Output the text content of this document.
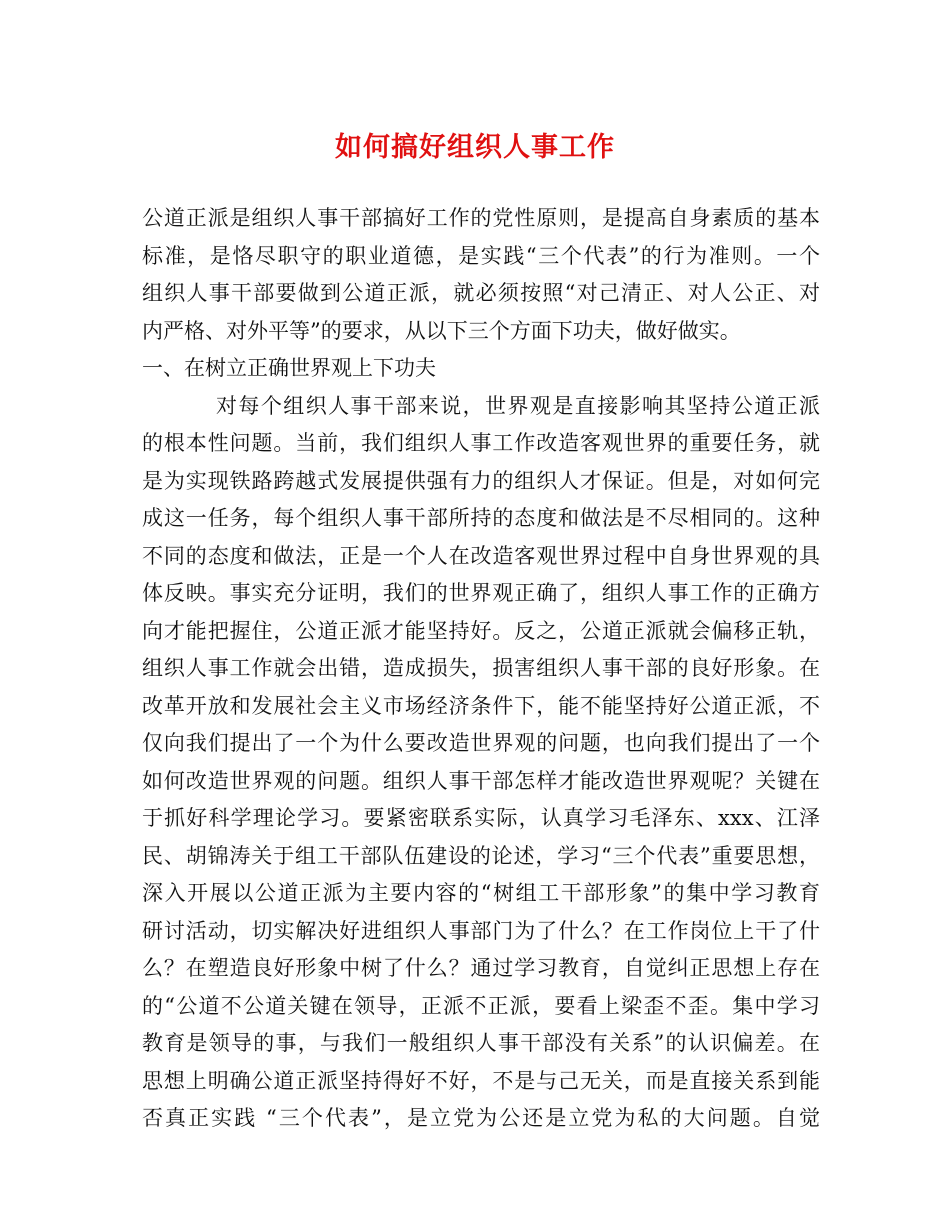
如何搞好组织人事工作
公道正派是组织人事干部搞好工作的党性原则，是提高自身素质的基本
标准，是恪尽职守的职业道德，是实践“三个代表”的行为准则。一个
组织人事干部要做到公道正派，就必须按照“对己清正、对人公正、对
内严格、对外平等”的要求，从以下三个方面下功夫，做好做实。
一、在树立正确世界观上下功夫
对每个组织人事干部来说，世界观是直接影响其坚持公道正派
的根本性问题。当前，我们组织人事工作改造客观世界的重要任务，就
是为实现铁路跨越式发展提供强有力的组织人才保证。但是，对如何完
成这一任务，每个组织人事干部所持的态度和做法是不尽相同的。这种
不同的态度和做法，正是一个人在改造客观世界过程中自身世界观的具
体反映。事实充分证明，我们的世界观正确了，组织人事工作的正确方
向才能把握住，公道正派才能坚持好。反之，公道正派就会偏移正轨，
组织人事工作就会出错，造成损失，损害组织人事干部的良好形象。在
改革开放和发展社会主义市场经济条件下，能不能坚持好公道正派，不
仅向我们提出了一个为什么要改造世界观的问题，也向我们提出了一个
如何改造世界观的问题。组织人事干部怎样才能改造世界观呢？关键在
于抓好科学理论学习。要紧密联系实际，认真学习毛泽东、xxx、江泽
民、胡锦涛关于组工干部队伍建设的论述，学习“三个代表”重要思想，
深入开展以公道正派为主要内容的“树组工干部形象”的集中学习教育
研讨活动，切实解决好进组织人事部门为了什么？在工作岗位上干了什
么？在塑造良好形象中树了什么？通过学习教育，自觉纠正思想上存在
的“公道不公道关键在领导，正派不正派，要看上梁歪不歪。集中学习
教育是领导的事，与我们一般组织人事干部没有关系”的认识偏差。在
思想上明确公道正派坚持得好不好，不是与己无关，而是直接关系到能
否真正实践 “三个代表”，是立党为公还是立党为私的大问题。自觉
